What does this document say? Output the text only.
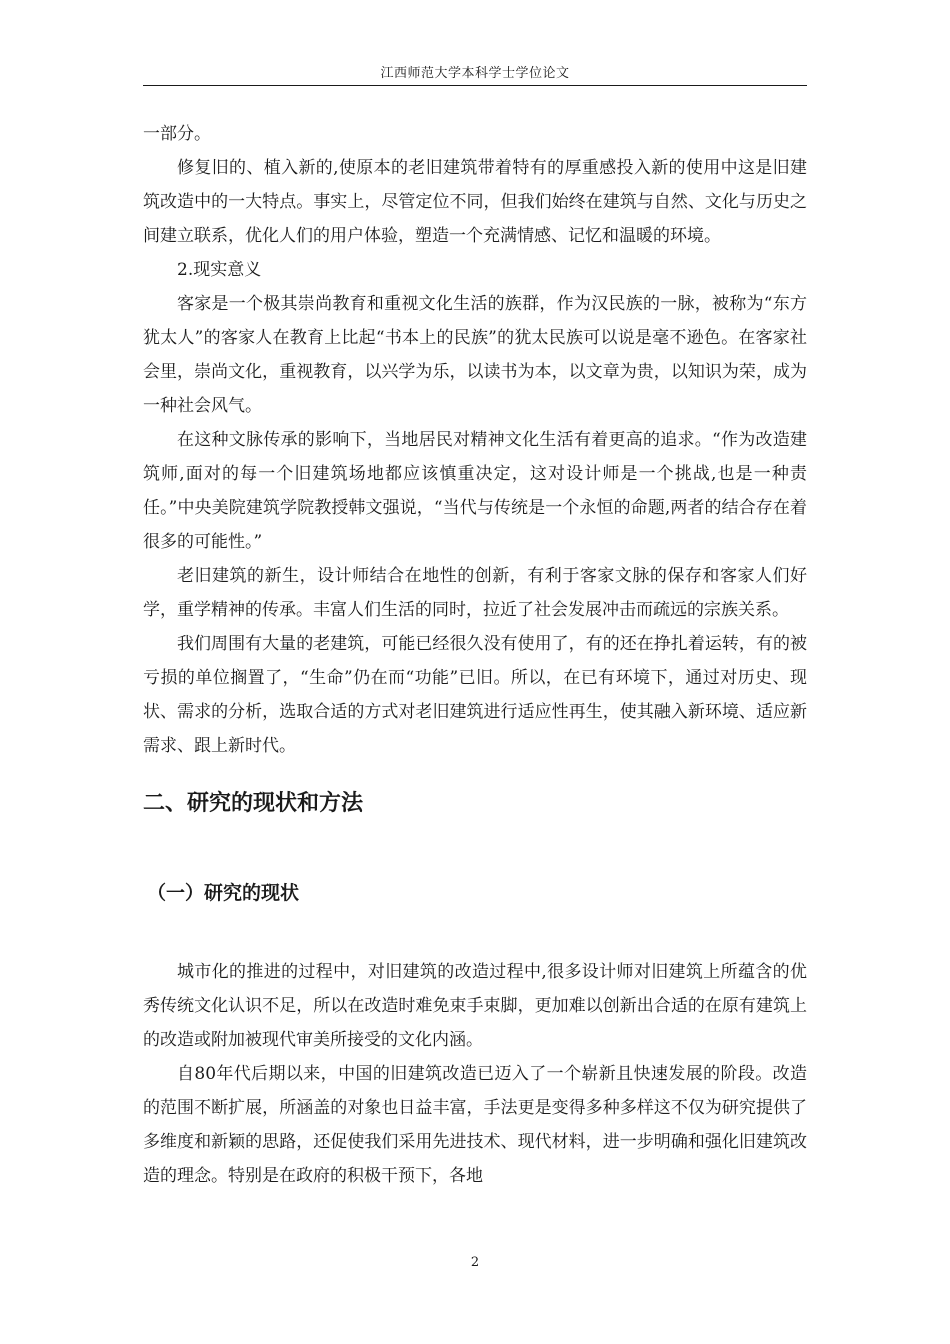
江西师范大学本科学士学位论文

一部分。

修复旧的、植入新的,使原本的老旧建筑带着特有的厚重感投入新的使用中这是旧建筑改造中的一大特点。事实上，尽管定位不同，但我们始终在建筑与自然、文化与历史之间建立联系，优化人们的用户体验，塑造一个充满情感、记忆和温暖的环境。

2.现实意义

客家是一个极其崇尚教育和重视文化生活的族群，作为汉民族的一脉，被称为“东方犹太人”的客家人在教育上比起“书本上的民族”的犹太民族可以说是毫不逊色。在客家社会里，崇尚文化，重视教育，以兴学为乐，以读书为本，以文章为贵，以知识为荣，成为一种社会风气。

在这种文脉传承的影响下，当地居民对精神文化生活有着更高的追求。“作为改造建筑师,面对的每一个旧建筑场地都应该慎重决定，这对设计师是一个挑战,也是一种责任。”中央美院建筑学院教授韩文强说，“当代与传统是一个永恒的命题,两者的结合存在着很多的可能性。”

老旧建筑的新生，设计师结合在地性的创新，有利于客家文脉的保存和客家人们好学，重学精神的传承。丰富人们生活的同时，拉近了社会发展冲击而疏远的宗族关系。

我们周围有大量的老建筑，可能已经很久没有使用了，有的还在挣扎着运转，有的被亏损的单位搁置了，“生命”仍在而“功能”已旧。所以，在已有环境下，通过对历史、现状、需求的分析，选取合适的方式对老旧建筑进行适应性再生，使其融入新环境、适应新需求、跟上新时代。

二、研究的现状和方法
（一）研究的现状

城市化的推进的过程中，对旧建筑的改造过程中,很多设计师对旧建筑上所蕴含的优秀传统文化认识不足，所以在改造时难免束手束脚，更加难以创新出合适的在原有建筑上的改造或附加被现代审美所接受的文化内涵。

自80年代后期以来，中国的旧建筑改造已迈入了一个崭新且快速发展的阶段。改造的范围不断扩展，所涵盖的对象也日益丰富，手法更是变得多种多样这不仅为研究提供了多维度和新颖的思路，还促使我们采用先进技术、现代材料，进一步明确和强化旧建筑改造的理念。特别是在政府的积极干预下，各地

2
